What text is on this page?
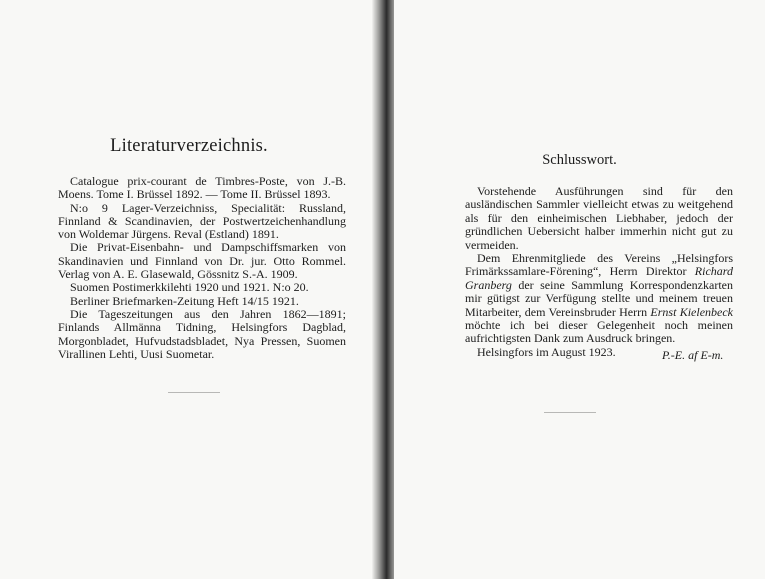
Literaturverzeichnis.

Catalogue prix-courant de Timbres-Poste, von J.-B. Moens. Tome I. Brüssel 1892. — Tome II. Brüssel 1893.

N:o 9 Lager-Verzeichniss, Specialität: Russland, Finnland & Scandinavien, der Postwertzeichenhandlung von Woldemar Jürgens. Reval (Estland) 1891.

Die Privat-Eisenbahn- und Dampschiffsmarken von Skandinavien und Finnland von Dr. jur. Otto Rommel. Verlag von A. E. Glasewald, Gössnitz S.-A. 1909.

Suomen Postimerkkilehti 1920 und 1921. N:o 20.

Berliner Briefmarken-Zeitung Heft 14/15 1921.

Die Tageszeitungen aus den Jahren 1862—1891; Finlands Allmänna Tidning, Helsingfors Dagblad, Morgonbladet, Hufvudstadsbladet, Nya Pressen, Suomen Virallinen Lehti, Uusi Suometar.

Schlusswort.

Vorstehende Ausführungen sind für den ausländischen Sammler vielleicht etwas zu weitgehend als für den einheimischen Liebhaber, jedoch der gründlichen Uebersicht halber immerhin nicht gut zu vermeiden.

Dem Ehrenmitgliede des Vereins „Helsingfors Frimärkssamlare-Förening“, Herrn Direktor Richard Granberg der seine Sammlung Korrespondenzkarten mir gütigst zur Verfügung stellte und meinem treuen Mitarbeiter, dem Vereinsbruder Herrn Ernst Kielenbeck möchte ich bei dieser Gelegenheit noch meinen aufrichtigsten Dank zum Ausdruck bringen.

Helsingfors im August 1923.	P.-E. af E-m.
